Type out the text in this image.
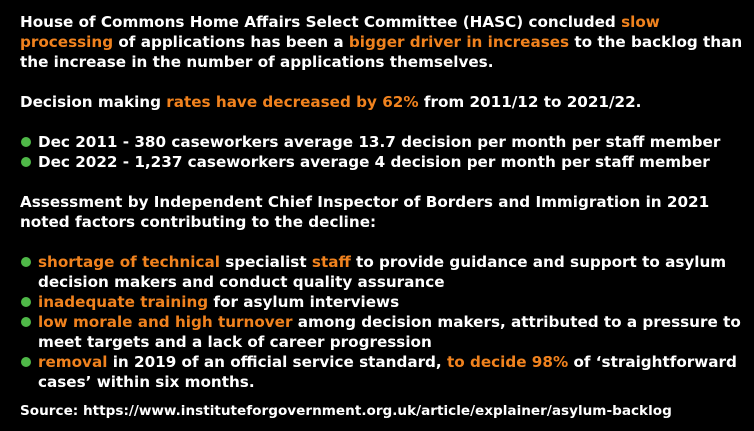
House of Commons Home Affairs Select Committee (HASC) concluded slow processing of applications has been a bigger driver in increases to the backlog than the increase in the number of applications themselves.

Decision making rates have decreased by 62% from 2011/12 to 2021/22.

Dec 2011 - 380 caseworkers average 13.7 decision per month per staff member
Dec 2022 - 1,237 caseworkers average 4 decision per month per staff member

Assessment by Independent Chief Inspector of Borders and Immigration in 2021 noted factors contributing to the decline:

shortage of technical specialist staff to provide guidance and support to asylum decision makers and conduct quality assurance
inadequate training for asylum interviews
low morale and high turnover among decision makers, attributed to a pressure to meet targets and a lack of career progression
removal in 2019 of an official service standard, to decide 98% of ‘straightforward cases’ within six months.
Source: https://www.instituteforgovernment.org.uk/article/explainer/asylum-backlog
